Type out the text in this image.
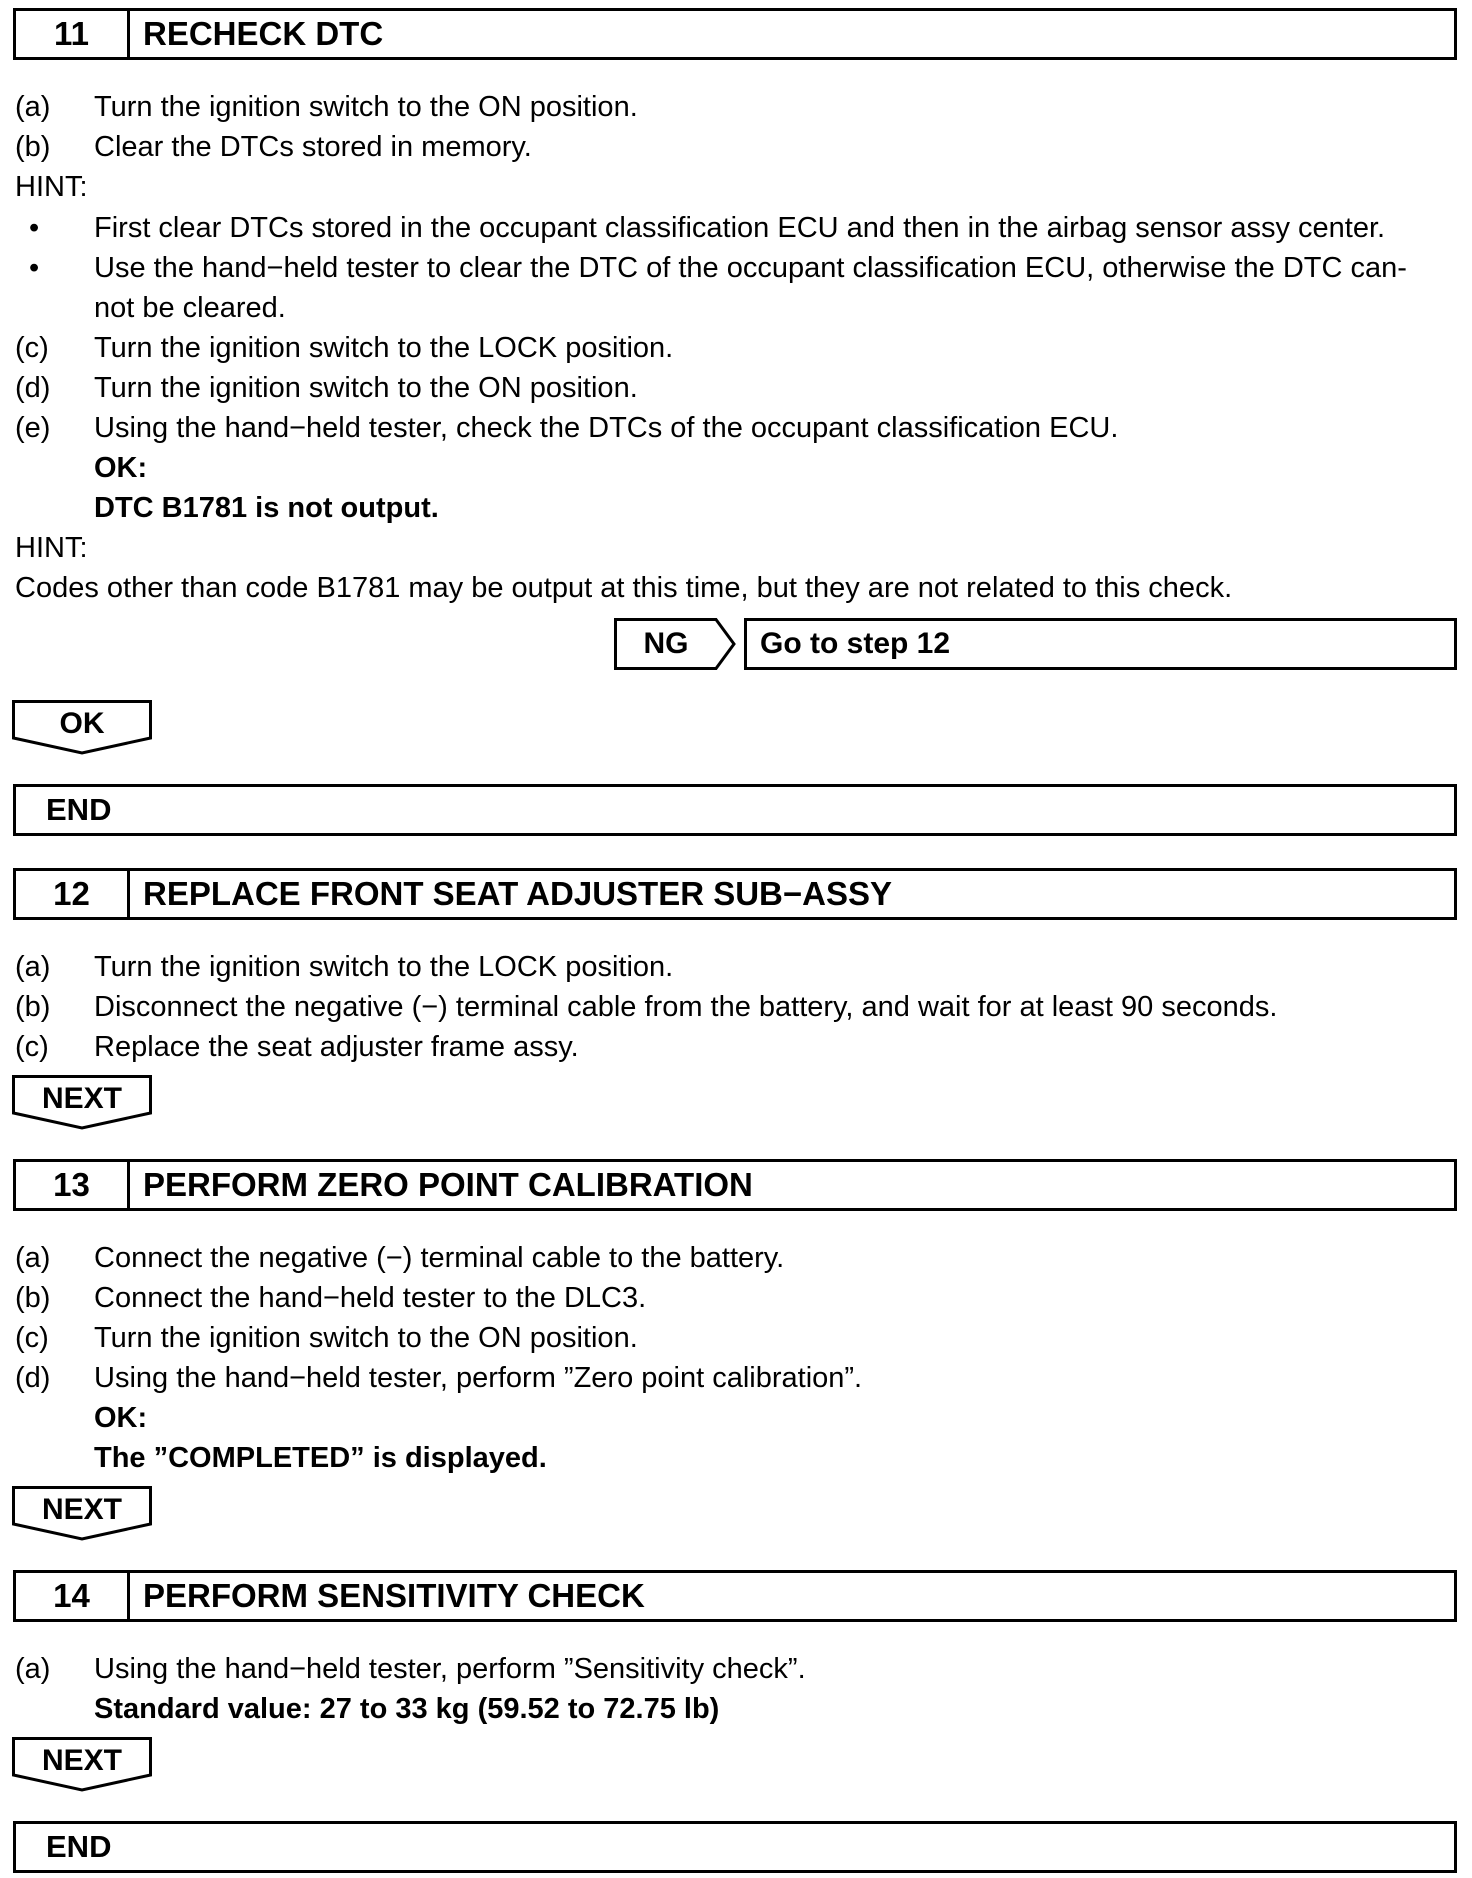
11	RECHECK DTC
(a) Turn the ignition switch to the ON position.
(b) Clear the DTCs stored in memory.
HINT:
• First clear DTCs stored in the occupant classification ECU and then in the airbag sensor assy center.
• Use the hand−held tester to clear the DTC of the occupant classification ECU, otherwise the DTC can-
not be cleared.
(c) Turn the ignition switch to the LOCK position.
(d) Turn the ignition switch to the ON position.
(e) Using the hand−held tester, check the DTCs of the occupant classification ECU.
OK:
DTC B1781 is not output.
HINT:
Codes other than code B1781 may be output at this time, but they are not related to this check.
NG	Go to step 12
OK
END
12	REPLACE FRONT SEAT ADJUSTER SUB−ASSY
(a) Turn the ignition switch to the LOCK position.
(b) Disconnect the negative (−) terminal cable from the battery, and wait for at least 90 seconds.
(c) Replace the seat adjuster frame assy.
NEXT
13	PERFORM ZERO POINT CALIBRATION
(a) Connect the negative (−) terminal cable to the battery.
(b) Connect the hand−held tester to the DLC3.
(c) Turn the ignition switch to the ON position.
(d) Using the hand−held tester, perform ”Zero point calibration”.
OK:
The ”COMPLETED” is displayed.
NEXT
14	PERFORM SENSITIVITY CHECK
(a) Using the hand−held tester, perform ”Sensitivity check”.
Standard value: 27 to 33 kg (59.52 to 72.75 lb)
NEXT
END
